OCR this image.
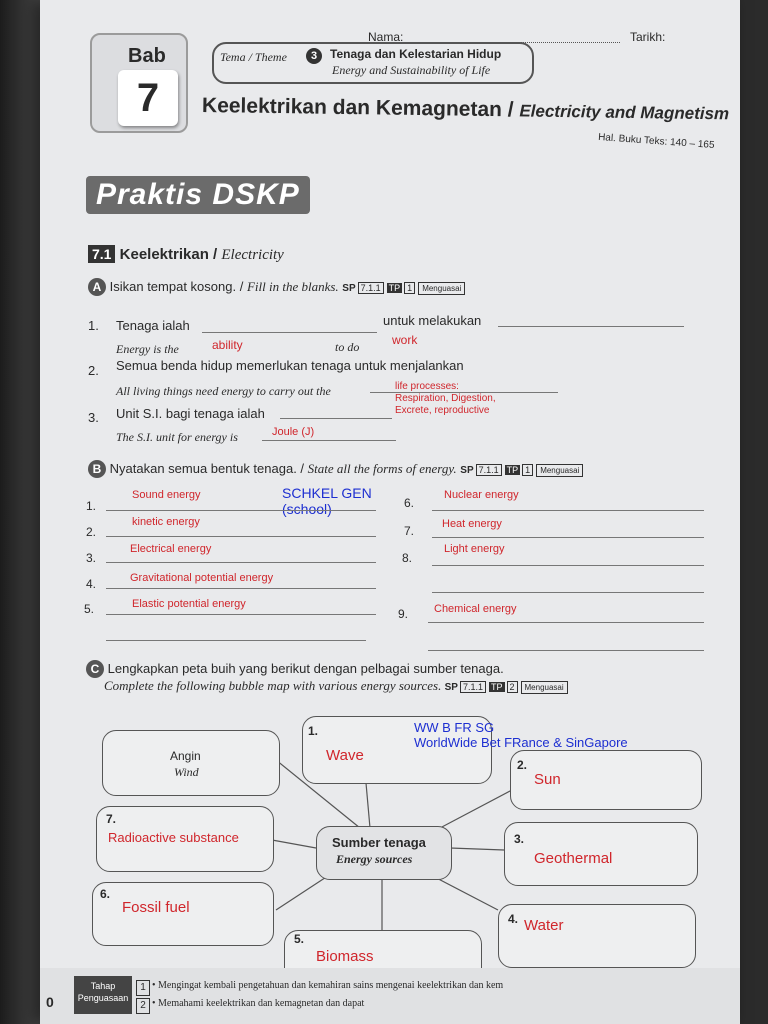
Nama:	Tarikh:
Bab
7
Tema / Theme	3	Tenaga dan Kelestarian Hidup
Energy and Sustainability of Life
Keelektrikan dan Kemagnetan / Electricity and Magnetism
Hal. Buku Teks: 140 – 165
Praktis DSKP
7.1 Keelektrikan / Electricity
A Isikan tempat kosong. / Fill in the blanks. SP 7.1.1 TP 1 Menguasai
1. Tenaga ialah	untuk melakukan
Energy is the	ability	to do	work
2. Semua benda hidup memerlukan tenaga untuk menjalankan
All living things need energy to carry out the	life processes:
Respiration, Digestion,
Excrete, reproductive
3. Unit S.I. bagi tenaga ialah
The S.I. unit for energy is	Joule (J)
B Nyatakan semua bentuk tenaga. / State all the forms of energy. SP 7.1.1 TP 1 Menguasai
SCHKEL GEN
(school)
1.
Sound energy
2.
kinetic energy
3.
Electrical energy
4.	Gravitational potential energy
5.	Elastic potential energy
6.
Nuclear energy
7.	Heat energy
8.
Light energy
9. Chemical energy
C Lengkapkan peta buih yang berikut dengan pelbagai sumber tenaga.
Complete the following bubble map with various energy sources. SP 7.1.1 TP 2 Menguasai
Angin
Wind
1.
Wave
WW B FR SG
WorldWide Bet FRance & SinGapore
2.
Sun
7.
Radioactive substance	Sumber tenaga
Energy sources
3.
Geothermal
6.
Fossil fuel
4. Water
5.
Biomass
Tahap
Penguasaan
1 • Mengingat kembali pengetahuan dan kemahiran sains mengenai keelektrikan dan kem
2 • Memahami keelektrikan dan kemagnetan dan dapat
0
